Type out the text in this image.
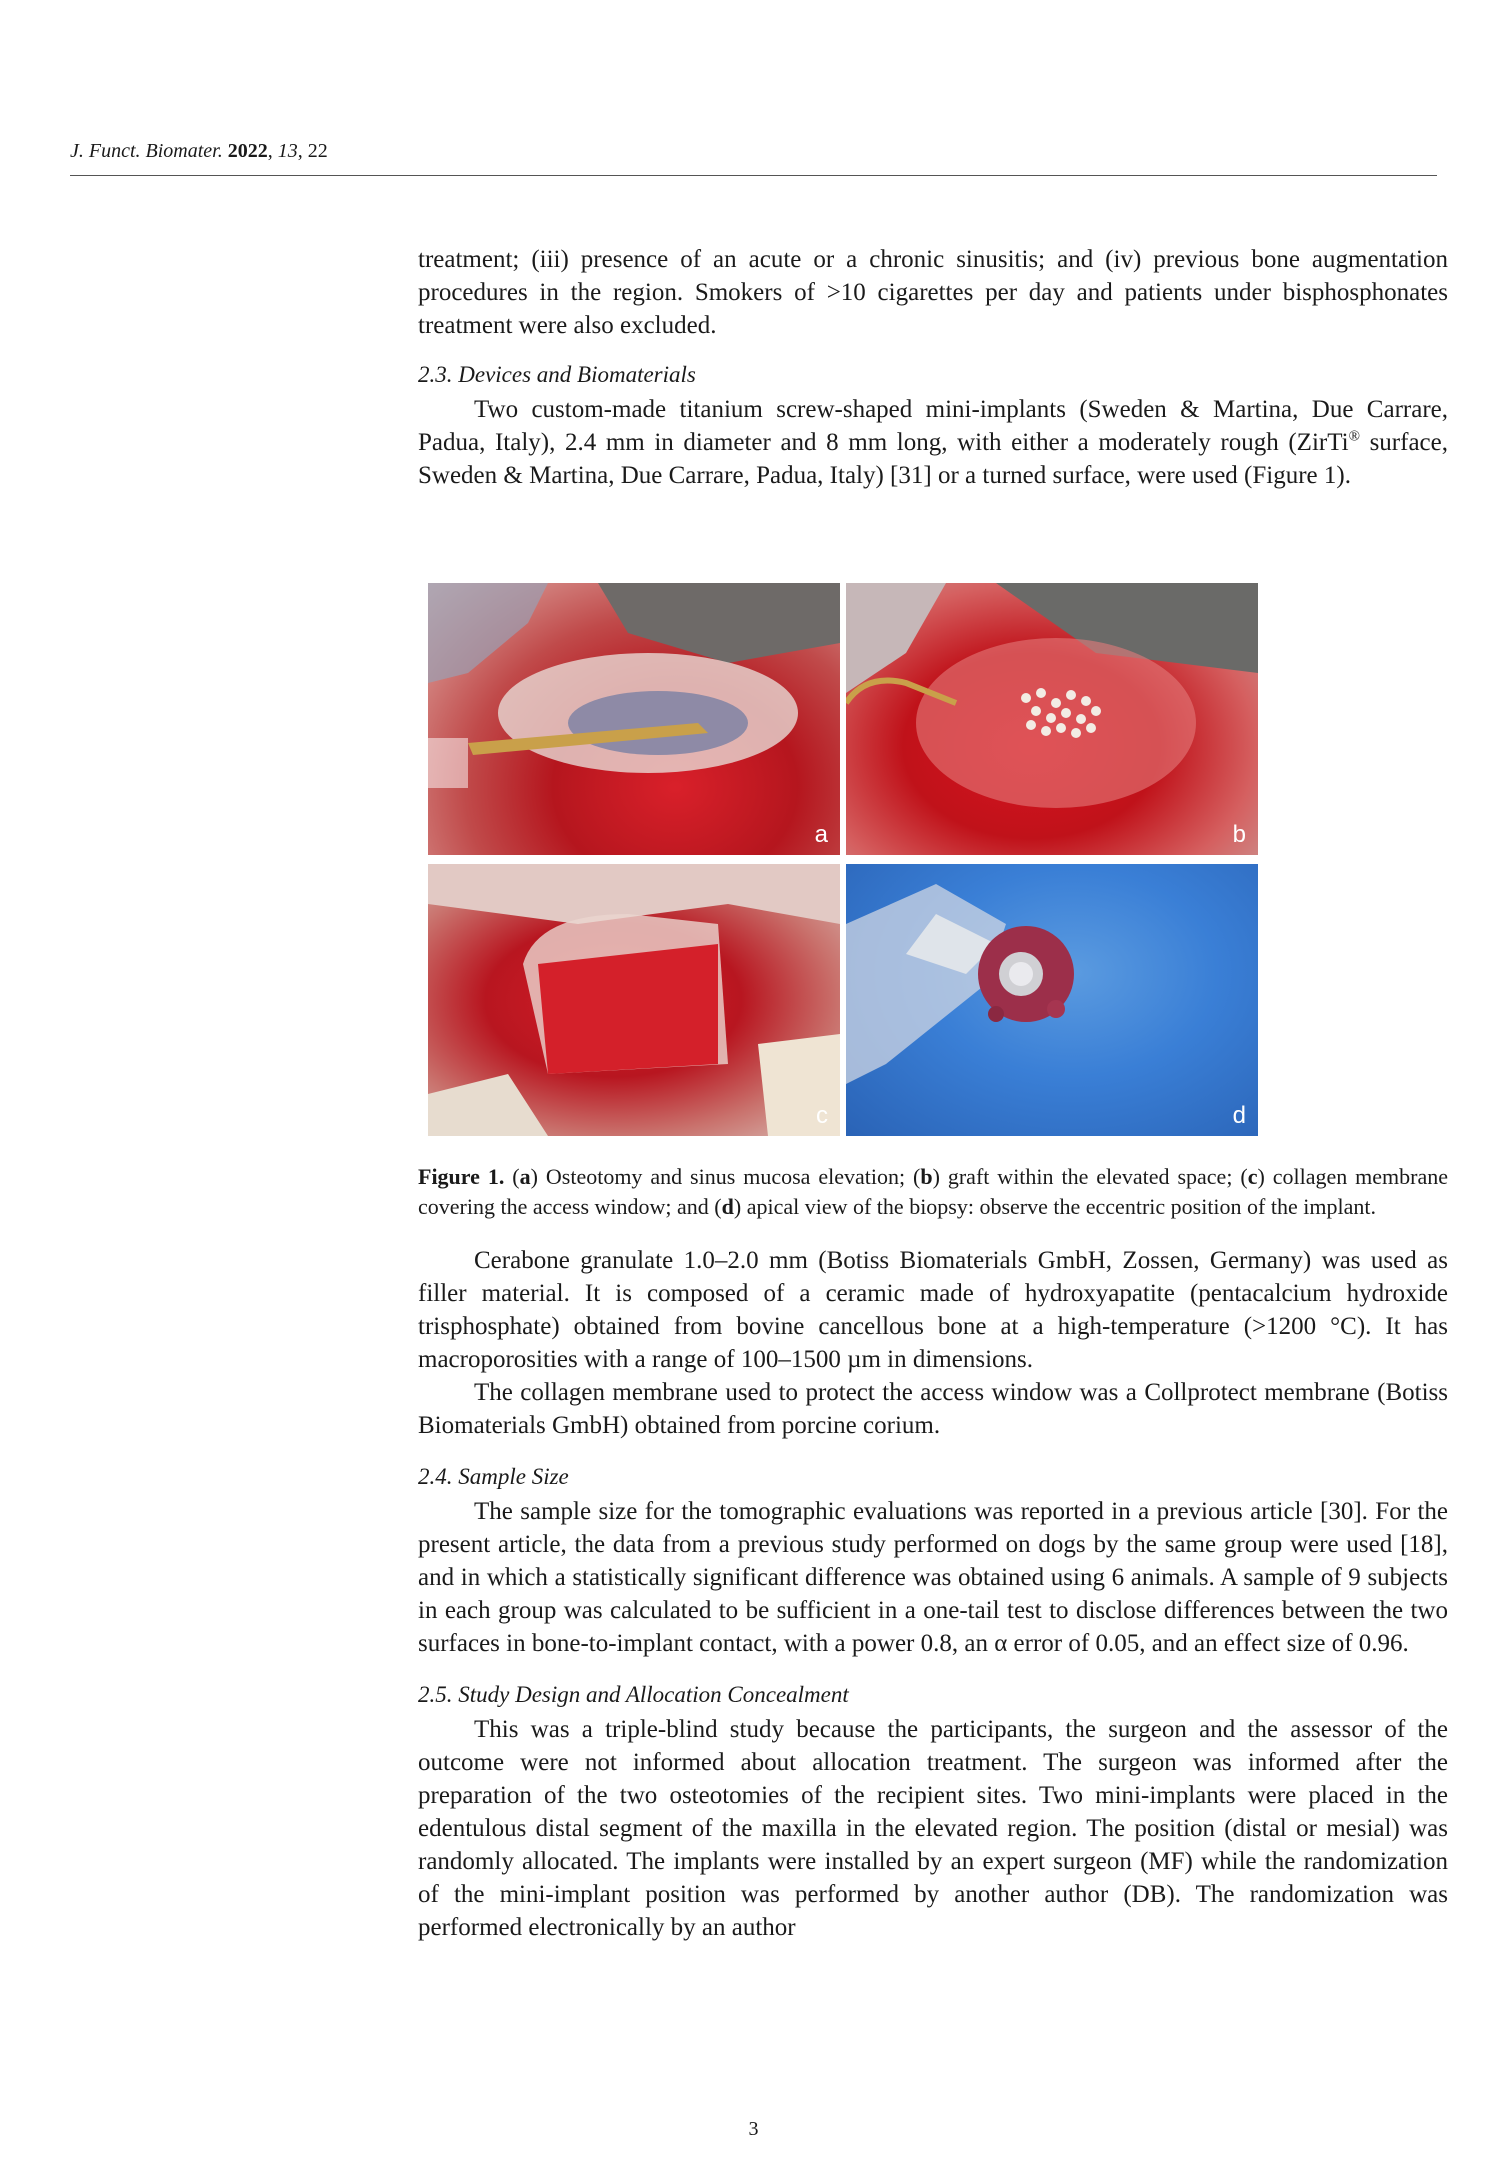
J. Funct. Biomater. 2022, 13, 22

treatment; (iii) presence of an acute or a chronic sinusitis; and (iv) previous bone augmentation procedures in the region. Smokers of >10 cigarettes per day and patients under bisphosphonates treatment were also excluded.

2.3. Devices and Biomaterials

Two custom-made titanium screw-shaped mini-implants (Sweden & Martina, Due Carrare, Padua, Italy), 2.4 mm in diameter and 8 mm long, with either a moderately rough (ZirTi® surface, Sweden & Martina, Due Carrare, Padua, Italy) [31] or a turned surface, were used (Figure 1).

a	b
c	d

Figure 1. (a) Osteotomy and sinus mucosa elevation; (b) graft within the elevated space; (c) collagen membrane covering the access window; and (d) apical view of the biopsy: observe the eccentric position of the implant.

Cerabone granulate 1.0–2.0 mm (Botiss Biomaterials GmbH, Zossen, Germany) was used as filler material. It is composed of a ceramic made of hydroxyapatite (pentacalcium hydroxide trisphosphate) obtained from bovine cancellous bone at a high-temperature (>1200 °C). It has macroporosities with a range of 100–1500 µm in dimensions.

The collagen membrane used to protect the access window was a Collprotect membrane (Botiss Biomaterials GmbH) obtained from porcine corium.

2.4. Sample Size

The sample size for the tomographic evaluations was reported in a previous article [30]. For the present article, the data from a previous study performed on dogs by the same group were used [18], and in which a statistically significant difference was obtained using 6 animals. A sample of 9 subjects in each group was calculated to be sufficient in a one-tail test to disclose differences between the two surfaces in bone-to-implant contact, with a power 0.8, an α error of 0.05, and an effect size of 0.96.

2.5. Study Design and Allocation Concealment

This was a triple-blind study because the participants, the surgeon and the assessor of the outcome were not informed about allocation treatment. The surgeon was informed after the preparation of the two osteotomies of the recipient sites. Two mini-implants were placed in the edentulous distal segment of the maxilla in the elevated region. The position (distal or mesial) was randomly allocated. The implants were installed by an expert surgeon (MF) while the randomization of the mini-implant position was performed by another author (DB). The randomization was performed electronically by an author

3
